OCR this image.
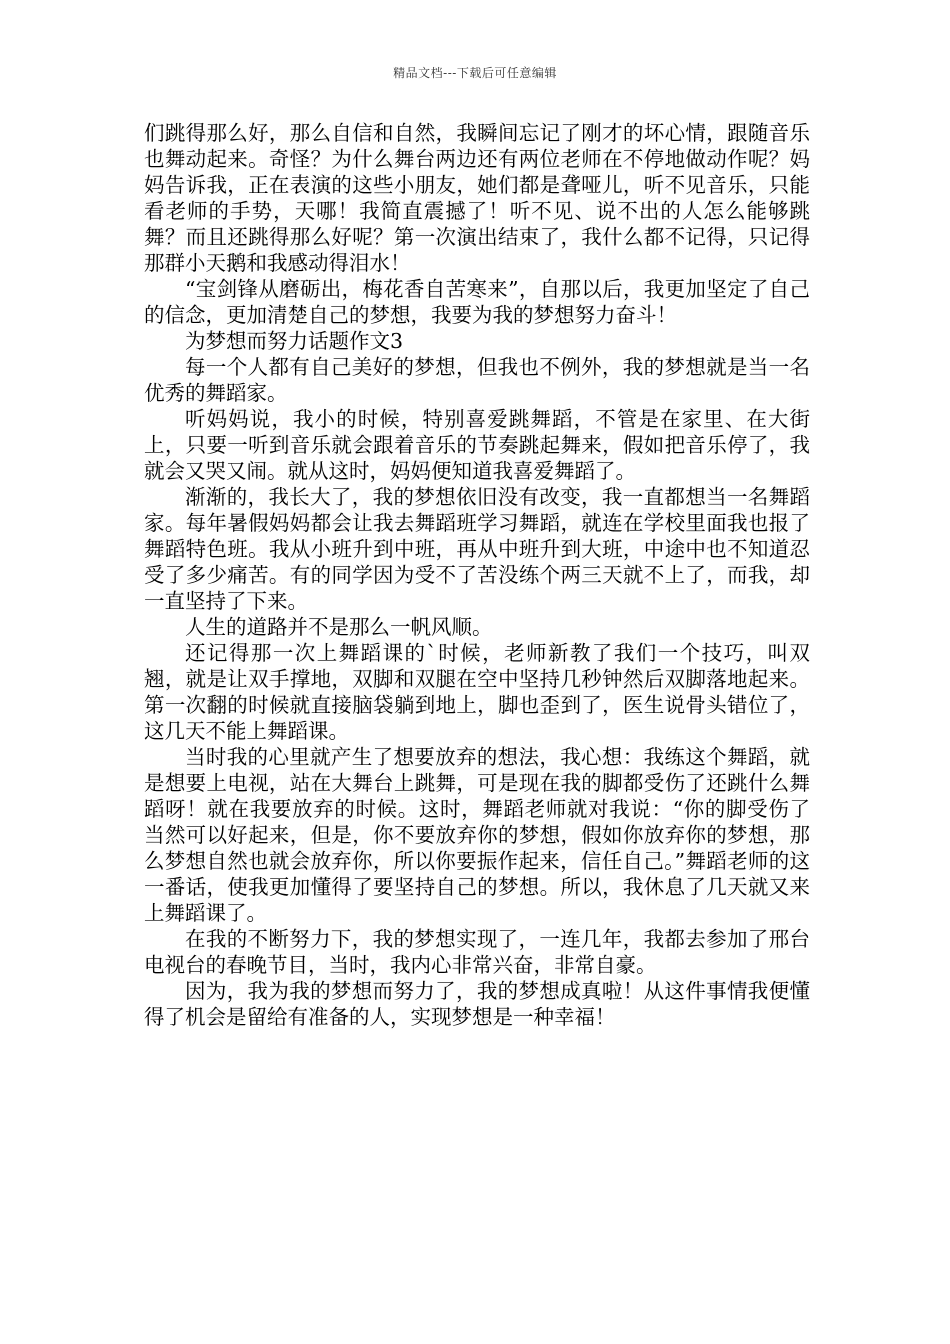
精品文档---下载后可任意编辑

们跳得那么好，那么自信和自然，我瞬间忘记了刚才的坏心情，跟随音乐也舞动起来。奇怪？为什么舞台两边还有两位老师在不停地做动作呢？妈妈告诉我，正在表演的这些小朋友，她们都是聋哑儿，听不见音乐，只能看老师的手势，天哪！我简直震撼了！听不见、说不出的人怎么能够跳舞？而且还跳得那么好呢？第一次演出结束了，我什么都不记得，只记得那群小天鹅和我感动得泪水！

“宝剑锋从磨砺出，梅花香自苦寒来”，自那以后，我更加坚定了自己的信念，更加清楚自己的梦想，我要为我的梦想努力奋斗！

为梦想而努力话题作文3

每一个人都有自己美好的梦想，但我也不例外，我的梦想就是当一名优秀的舞蹈家。

听妈妈说，我小的时候，特别喜爱跳舞蹈，不管是在家里、在大街上，只要一听到音乐就会跟着音乐的节奏跳起舞来，假如把音乐停了，我就会又哭又闹。就从这时，妈妈便知道我喜爱舞蹈了。

渐渐的，我长大了，我的梦想依旧没有改变，我一直都想当一名舞蹈家。每年暑假妈妈都会让我去舞蹈班学习舞蹈，就连在学校里面我也报了舞蹈特色班。我从小班升到中班，再从中班升到大班，中途中也不知道忍受了多少痛苦。有的同学因为受不了苦没练个两三天就不上了，而我，却一直坚持了下来。

人生的道路并不是那么一帆风顺。

还记得那一次上舞蹈课的`时候，老师新教了我们一个技巧，叫双翘，就是让双手撑地，双脚和双腿在空中坚持几秒钟然后双脚落地起来。第一次翻的时候就直接脑袋躺到地上，脚也歪到了，医生说骨头错位了，这几天不能上舞蹈课。

当时我的心里就产生了想要放弃的想法，我心想：我练这个舞蹈，就是想要上电视，站在大舞台上跳舞，可是现在我的脚都受伤了还跳什么舞蹈呀！就在我要放弃的时候。这时，舞蹈老师就对我说：“你的脚受伤了当然可以好起来，但是，你不要放弃你的梦想，假如你放弃你的梦想，那么梦想自然也就会放弃你，所以你要振作起来，信任自己。”舞蹈老师的这一番话，使我更加懂得了要坚持自己的梦想。所以，我休息了几天就又来上舞蹈课了。

在我的不断努力下，我的梦想实现了，一连几年，我都去参加了邢台电视台的春晚节目，当时，我内心非常兴奋，非常自豪。

因为，我为我的梦想而努力了，我的梦想成真啦！从这件事情我便懂得了机会是留给有准备的人，实现梦想是一种幸福！
